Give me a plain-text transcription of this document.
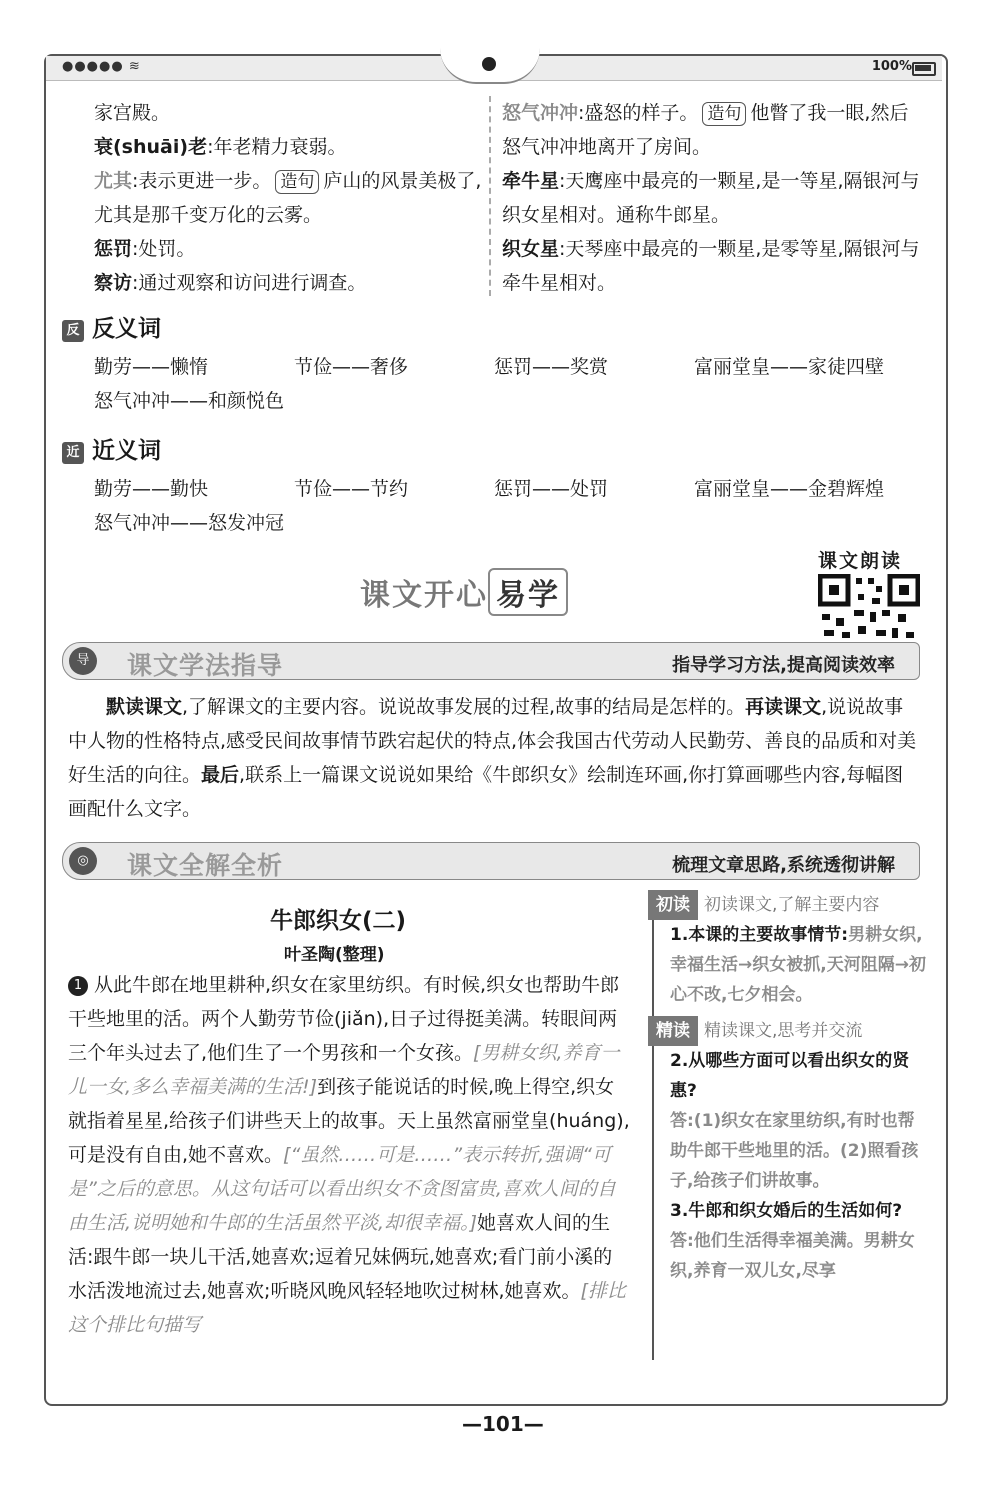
●●●●● ≋	100%
家宫殿。
衰(shuāi)老:年老精力衰弱。
尤其:表示更进一步。 造句 庐山的风景美极了,尤其是那千变万化的云雾。
惩罚:处罚。
察访:通过观察和访问进行调查。
怒气冲冲:盛怒的样子。 造句 他瞥了我一眼,然后怒气冲冲地离开了房间。
牵牛星:天鹰座中最亮的一颗星,是一等星,隔银河与织女星相对。通称牛郎星。
织女星:天琴座中最亮的一颗星,是零等星,隔银河与牵牛星相对。
反 反义词
勤劳——懒惰	节俭——奢侈	惩罚——奖赏	富丽堂皇——家徒四壁
怒气冲冲——和颜悦色
近 近义词
勤劳——勤快	节俭——节约	惩罚——处罚	富丽堂皇——金碧辉煌
怒气冲冲——怒发冲冠
课文开心 易学
课文朗读
导	课文学法指导	指导学习方法,提高阅读效率
默读课文,了解课文的主要内容。说说故事发展的过程,故事的结局是怎样的。再读课文,说说故事中人物的性格特点,感受民间故事情节跌宕起伏的特点,体会我国古代劳动人民勤劳、善良的品质和对美好生活的向往。最后,联系上一篇课文说说如果给《牛郎织女》绘制连环画,你打算画哪些内容,每幅图画配什么文字。
◎	课文全解全析	梳理文章思路,系统透彻讲解
牛郎织女(二)
叶圣陶(整理)
1 从此牛郎在地里耕种,织女在家里纺织。有时候,织女也帮助牛郎干些地里的活。两个人勤劳节俭(jiǎn),日子过得挺美满。转眼间两三个年头过去了,他们生了一个男孩和一个女孩。[男耕女织,养育一儿一女,多么幸福美满的生活!]到孩子能说话的时候,晚上得空,织女就指着星星,给孩子们讲些天上的故事。天上虽然富丽堂皇(huáng),可是没有自由,她不喜欢。[“虽然……可是……”表示转折,强调“可是”之后的意思。从这句话可以看出织女不贪图富贵,喜欢人间的自由生活,说明她和牛郎的生活虽然平淡,却很幸福。]她喜欢人间的生活:跟牛郎一块儿干活,她喜欢;逗着兄妹俩玩,她喜欢;看门前小溪的水活泼地流过去,她喜欢;听晓风晚风轻轻地吹过树林,她喜欢。[排比 这个排比句描写
初读 初读课文,了解主要内容
1.本课的主要故事情节:男耕女织,幸福生活→织女被抓,天河阻隔→初心不改,七夕相会。
精读 精读课文,思考并交流
2.从哪些方面可以看出织女的贤惠?
答:(1)织女在家里纺织,有时也帮助牛郎干些地里的活。(2)照看孩子,给孩子们讲故事。
3.牛郎和织女婚后的生活如何?
答:他们生活得幸福美满。男耕女织,养育一双儿女,尽享
—101—
